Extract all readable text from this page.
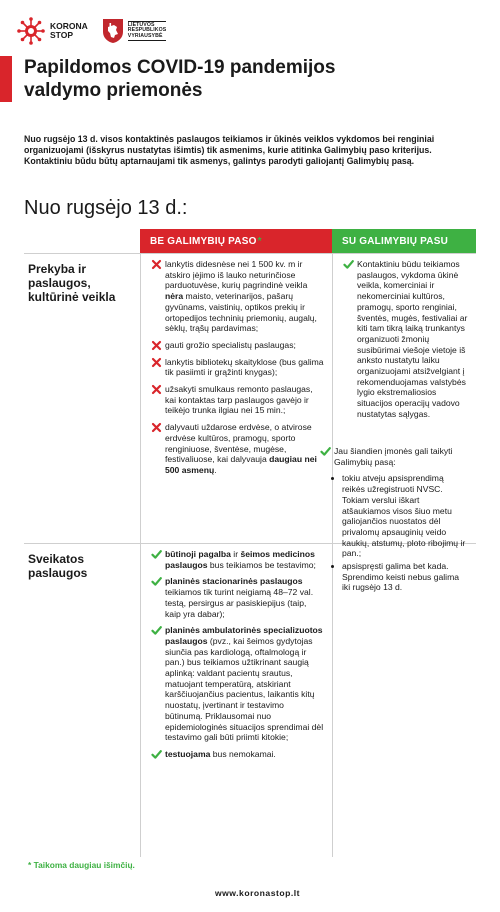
KORONA
STOP
LIETUVOS
RESPUBLIKOS
VYRIAUSYBĖ
Papildomos COVID-19 pandemijos
valdymo priemonės
Nuo rugsėjo 13 d. visos kontaktinės paslaugos teikiamos ir ūkinės veiklos vykdomos bei renginiai organizuojami (išskyrus nustatytas išimtis) tik asmenims, kurie atitinka Galimybių paso kriterijus. Kontaktiniu būdu būtų aptarnaujami tik asmenys, galintys parodyti galiojantį Galimybių pasą.
Nuo rugsėjo 13 d.:
BE GALIMYBIŲ PASO *	SU GALIMYBIŲ PASU
Prekyba ir paslaugos, kultūrinė veikla
lankytis didesnėse nei 1 500 kv. m ir atskiro įėjimo iš lauko neturinčiose parduotuvėse, kurių pagrindinė veikla nėra maisto, veterinarijos, pašarų gyvūnams, vaistinių, optikos prekių ir ortopedijos techninių priemonių, augalų, sėklų, trąšų pardavimas;
gauti grožio specialistų paslaugas;
lankytis bibliotekų skaityklose (bus galima tik pasiimti ir grąžinti knygas);
užsakyti smulkaus remonto paslaugas, kai kontaktas tarp paslaugos gavėjo ir teikėjo trunka ilgiau nei 15 min.;
dalyvauti uždarose erdvėse, o atvirose erdvėse kultūros, pramogų, sporto renginiuose, šventėse, mugėse, festivaliuose, kai dalyvauja daugiau nei 500 asmenų.
Kontaktiniu būdu teikiamos paslaugos, vykdoma ūkinė veikla, komerciniai ir nekomerciniai kultūros, pramogų, sporto renginiai, šventės, mugės, festivaliai ar kiti tam tikrą laiką trunkantys organizuoti žmonių susibūrimai viešoje vietoje iš anksto nustatytu laiku organizuojami atsižvelgiant į rekomenduojamas valstybės lygio ekstremaliosios situacijos operacijų vadovo nustatytas sąlygas.
Sveikatos paslaugos
būtinoji pagalba ir šeimos medicinos paslaugos bus teikiamos be testavimo;
planinės stacionarinės paslaugos teikiamos tik turint neigiamą 48–72 val. testą, persirgus ar pasiskiepijus (taip, kaip yra dabar);
planinės ambulatorinės specializuotos paslaugos (pvz., kai šeimos gydytojas siunčia pas kardiologą, oftalmologą ir pan.) bus teikiamos užtikrinant saugią aplinką: valdant pacientų srautus, matuojant temperatūrą, atskiriant karščiuojančius pacientus, laikantis kitų nuostatų, įvertinant ir testavimo būtinumą. Priklausomai nuo epidemiologinės situacijos sprendimai dėl testavimo gali būti priimti kitokie;
testuojama bus nemokamai.
Jau šiandien įmonės gali taikyti Galimybių pasą:
tokiu atveju apsisprendimą reikės užregistruoti NVSC. Tokiam verslui iškart atšaukiamos visos šiuo metu galiojančios nuostatos dėl privalomų apsauginių veido kaukių, atstumų, ploto ribojimų ir pan.;
apsispręsti galima bet kada. Sprendimo keisti nebus galima iki rugsėjo 13 d.
* Taikoma daugiau išimčių.
www.koronastop.lt
